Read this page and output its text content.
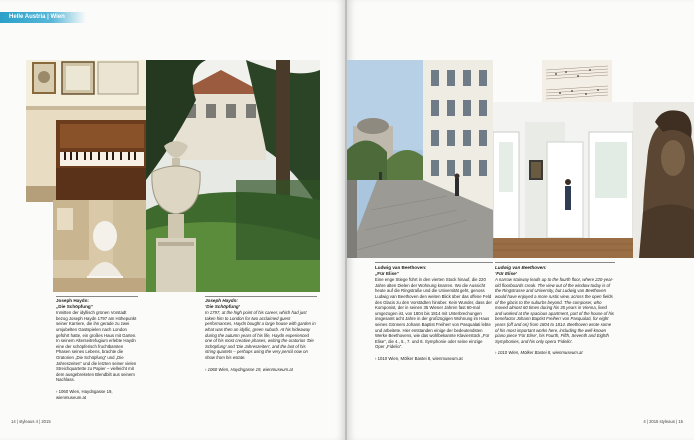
Helle Austria | Wien
Joseph Haydn:
„Die Schöpfung“
Inmitten der idyllisch grünen Vorstadt bezog Joseph Haydn 1797 am Höhepunkt seiner Karriere, die ihn gerade zu zwei umjubelten Gastspielen nach London geführt hatte, ein großes Haus mit Garten. In seinem Alterseitrefugium erlebte Haydn eine der schöpferisch fruchtbarsten Phasen seines Lebens, brachte die Oratorien „Die Schöpfung“ und „Die Jahreszeiten“ und die letzten seiner vielen Streichquartette zu Papier – vielleicht mit dem ausgebreiteten Blendbilt aus seinem Nachlass.
› 1060 Wien, Haydngasse 19, wienmuseum.at
Joseph Haydn:
‘Die Schöpfung’
In 1797, at the high point of his career, which had just taken him to London for two acclaimed guest performances, Haydn bought a large house with garden in what was then an idyllic, green suburb. At his hideaway during the autumn years of his life, Haydn experienced one of his most creative phases, writing the oratorios 'Die Schöpfung' and 'Die Jahreszeiten', and the last of his string quartets – perhaps using the very pencil now on show from his estate.
› 1060 Wien, Haydngasse 19, wienmuseum.at
14 | styleaus 4 | 2015
Ludwig van Beethoven:
„Für Elise“
Eine enge Stiege führt in den vierten Stock hinauf, die 220 Jahre alten Dielen der Wohnung knarren. Wo die Aussicht heute auf die Ringstraße und die Universität geht, genoss Ludwig van Beethoven den weiten Blick über das offene Feld des Glacis zu den Vorstädten hinüber. Kein Wunder, dass der Komponist, der in seinen 35 Wiener Jahren fast 60-mal umgezogen ist, von 1804 bis 1814 mit Unterbrechungen insgesamt acht Jahre in der großzügigen Wohnung im Haus seines Gönners Johann Baptist Freiherr von Pasqualati lebte und arbeitete. Hier entstanden einige der bedeutendsten Werke Beethovens, wie das wohlbekannte Klavierstück „Für Elise“, die 4., 5., 7. und 8. Symphonie oder seine einzige Oper „Fidelio“.
› 1010 Wien, Mölker Bastei 8, wienmuseum.at
Ludwig van Beethoven:
‘Für Elise’
A narrow stairway leads up to the fourth floor, where 220-year-old floorboards creak. The view out of the window today is of the Ringstrasse and University, but Ludwig van Beethoven would have enjoyed a more rustic view, across the open fields of the glacis to the suburbs beyond. The composer, who moved almost 60 times during his 35 years in Vienna, lived and worked at the spacious apartment, part of the house of his benefactor Johann Baptist Freiherr von Pasqualati, for eight years (off and on) from 1804 to 1814. Beethoven wrote some of his most important works here, including the well-known piano piece 'Für Elise', his Fourth, Fifth, Seventh and Eighth Symphonies, and his only opera 'Fidelio'.
› 1010 Wien, Mölker Bastei 8, wienmuseum.at
4 | 2015 styleaus | 15
